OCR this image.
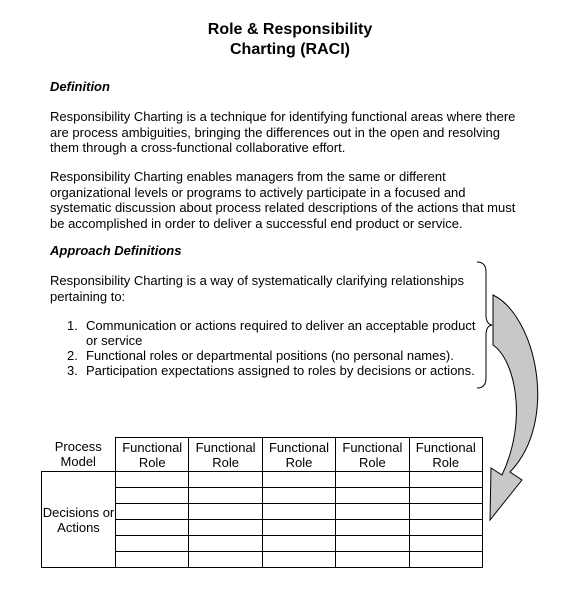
Role & Responsibility
Charting (RACI)
Definition
Responsibility Charting is a technique for identifying functional areas where there are process ambiguities, bringing the differences out in the open and resolving them through a cross-functional collaborative effort.
Responsibility Charting enables managers from the same or different organizational levels or programs to actively participate in a focused and systematic discussion about process related descriptions of the actions that must be accomplished in order to deliver a successful end product or service.
Approach Definitions
Responsibility Charting is a way of systematically clarifying relationships pertaining to:
1. Communication or actions required to deliver an acceptable product or service
2. Functional roles or departmental positions (no personal names).
3. Participation expectations assigned to roles by decisions or actions.
Process Model	Functional Role	Functional Role	Functional Role	Functional Role	Functional Role
Decisions or Actions					
